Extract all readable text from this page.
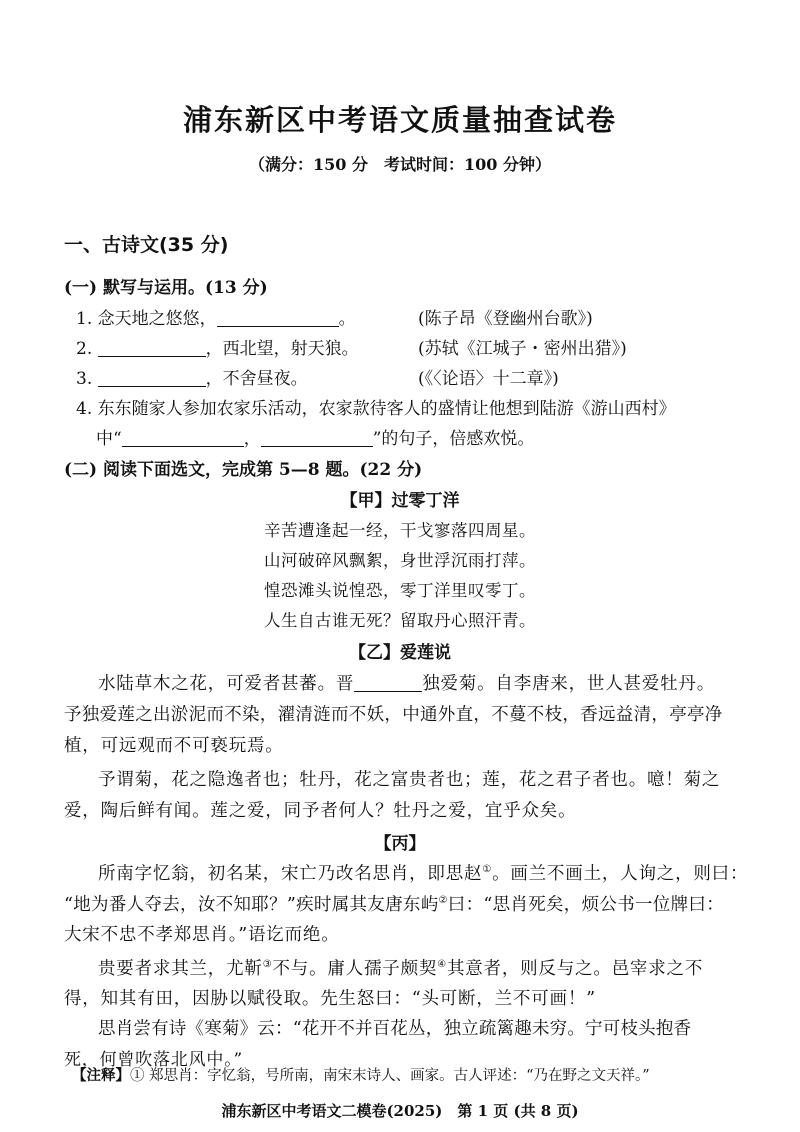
浦东新区中考语文质量抽查试卷
（满分：150 分　考试时间：100 分钟）
一、古诗文(35 分)
(一) 默写与运用。(13 分)
1. 念天地之悠悠，	。	(陈子昂《登幽州台歌》)
2.	，西北望，射天狼。	(苏轼《江城子・密州出猎》)
3.	，不舍昼夜。	(《〈论语〉十二章》)
4. 东东随家人参加农家乐活动，农家款待客人的盛情让他想到陆游《游山西村》
中“	，	”的句子，倍感欢悦。
(二) 阅读下面选文，完成第 5—8 题。(22 分)
【甲】过零丁洋
辛苦遭逢起一经，干戈寥落四周星。
山河破碎风飘絮，身世浮沉雨打萍。
惶恐滩头说惶恐，零丁洋里叹零丁。
人生自古谁无死？留取丹心照汗青。
【乙】爱莲说
水陆草木之花，可爱者甚蕃。晋	独爱菊。自李唐来，世人甚爱牡丹。
予独爱莲之出淤泥而不染，濯清涟而不妖，中通外直，不蔓不枝，香远益清，亭亭净
植，可远观而不可亵玩焉。
予谓菊，花之隐逸者也；牡丹，花之富贵者也；莲，花之君子者也。噫！菊之
爱，陶后鲜有闻。莲之爱，同予者何人？牡丹之爱，宜乎众矣。
【丙】
所南字忆翁，初名某，宋亡乃改名思肖，即思赵①。画兰不画土，人询之，则曰：
“地为番人夺去，汝不知耶？”疾时属其友唐东屿②曰：“思肖死矣，烦公书一位牌曰：
大宋不忠不孝郑思肖。”语讫而绝。
贵要者求其兰，尤靳③不与。庸人孺子颇契④其意者，则反与之。邑宰求之不
得，知其有田，因胁以赋役取。先生怒曰：“头可断，兰不可画！”
思肖尝有诗《寒菊》云：“花开不并百花丛，独立疏篱趣未穷。宁可枝头抱香
死，何曾吹落北风中。”
【注释】① 郑思肖：字忆翁，号所南，南宋末诗人、画家。古人评述：“乃在野之文天祥。”
浦东新区中考语文二模卷(2025)　第 1 页 (共 8 页)
